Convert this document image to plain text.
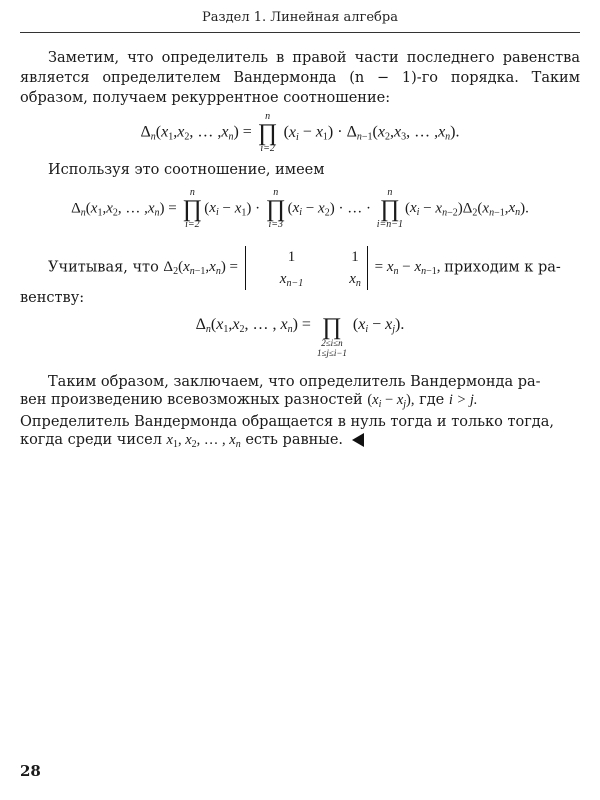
Раздел 1. Линейная алгебра

Заметим, что определитель в правой части последнего равенства является определителем Вандермонда (n − 1)-го порядка. Таким образом, получаем рекуррентное соотношение:

$\Delta_n(x_1,x_2$, … $,x_n$) =
n
∏
i=2
$(x_i - x_1) \cdot \Delta_{n-1}(x_2,x_3$, … $,x_n$).

Используя это соотношение, имеем

$\Delta_n(x_1,x_2$, … $,x_n$) =
n
∏
i=2
$(x_i - x_1)$ ·
n
∏
i=3
$(x_i - x_2)$ · … ·
n
∏
i=n−1
$(x_i - x_{n-2})\Delta_2(x_{n-1},x_n)$.
Учитывая, что $\Delta_2(x_{n-1},x_n)$ =
1	1
$x_{n-1}$	$x_n$
= $x_n - x_{n-1}$, приходим к ра-

венству:

$\Delta_n(x_1,x_2$, … , $x_n$) = ∏
2≤i≤n
1≤j≤i−1
$(x_i - x_j)$.
Таким образом, заключаем, что определитель Вандермонда ра-
вен произведению всевозможных разностей $(x_i - x_j)$, где i > j.
Определитель Вандермонда обращается в нуль тогда и только тогда,
когда среди чисел $x_1$, $x_2$, … , $x_n$ есть равные.
28
